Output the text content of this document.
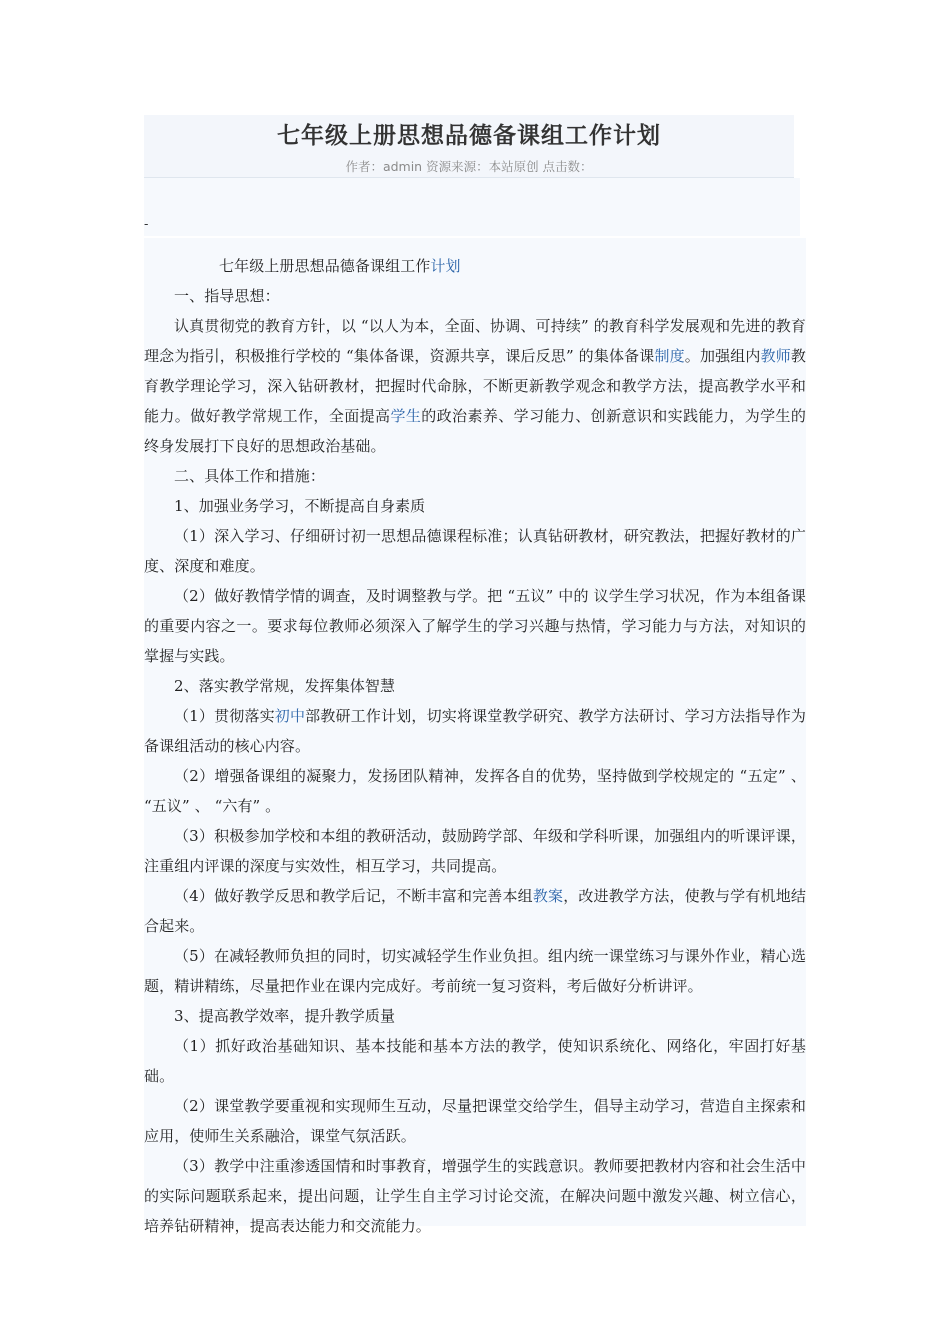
七年级上册思想品德备课组工作计划
作者：admin 资源来源：本站原创 点击数：
-

七年级上册思想品德备课组工作计划

一、指导思想：

认真贯彻党的教育方针，以 “以人为本，全面、协调、可持续” 的教育科学发展观和先进的教育理念为指引，积极推行学校的 “集体备课，资源共享，课后反思” 的集体备课制度。加强组内教师教育教学理论学习，深入钻研教材，把握时代命脉，不断更新教学观念和教学方法，提高教学水平和能力。做好教学常规工作，全面提高学生的政治素养、学习能力、创新意识和实践能力，为学生的终身发展打下良好的思想政治基础。

二、具体工作和措施：

1、加强业务学习，不断提高自身素质

（1）深入学习、仔细研讨初一思想品德课程标准；认真钻研教材，研究教法，把握好教材的广度、深度和难度。

（2）做好教情学情的调查，及时调整教与学。把 “五议” 中的 议学生学习状况，作为本组备课的重要内容之一。要求每位教师必须深入了解学生的学习兴趣与热情，学习能力与方法，对知识的掌握与实践。

2、落实教学常规，发挥集体智慧

（1）贯彻落实初中部教研工作计划，切实将课堂教学研究、教学方法研讨、学习方法指导作为备课组活动的核心内容。

（2）增强备课组的凝聚力，发扬团队精神，发挥各自的优势，坚持做到学校规定的 “五定” 、 “五议” 、 “六有” 。

（3）积极参加学校和本组的教研活动，鼓励跨学部、年级和学科听课，加强组内的听课评课，注重组内评课的深度与实效性，相互学习，共同提高。

（4）做好教学反思和教学后记，不断丰富和完善本组教案，改进教学方法，使教与学有机地结合起来。

（5）在减轻教师负担的同时，切实减轻学生作业负担。组内统一课堂练习与课外作业，精心选题，精讲精练，尽量把作业在课内完成好。考前统一复习资料，考后做好分析讲评。

3、提高教学效率，提升教学质量

（1）抓好政治基础知识、基本技能和基本方法的教学，使知识系统化、网络化，牢固打好基础。

（2）课堂教学要重视和实现师生互动，尽量把课堂交给学生，倡导主动学习，营造自主探索和应用，使师生关系融洽，课堂气氛活跃。

（3）教学中注重渗透国情和时事教育，增强学生的实践意识。教师要把教材内容和社会生活中的实际问题联系起来，提出问题，让学生自主学习讨论交流，在解决问题中激发兴趣、树立信心，培养钻研精神，提高表达能力和交流能力。
